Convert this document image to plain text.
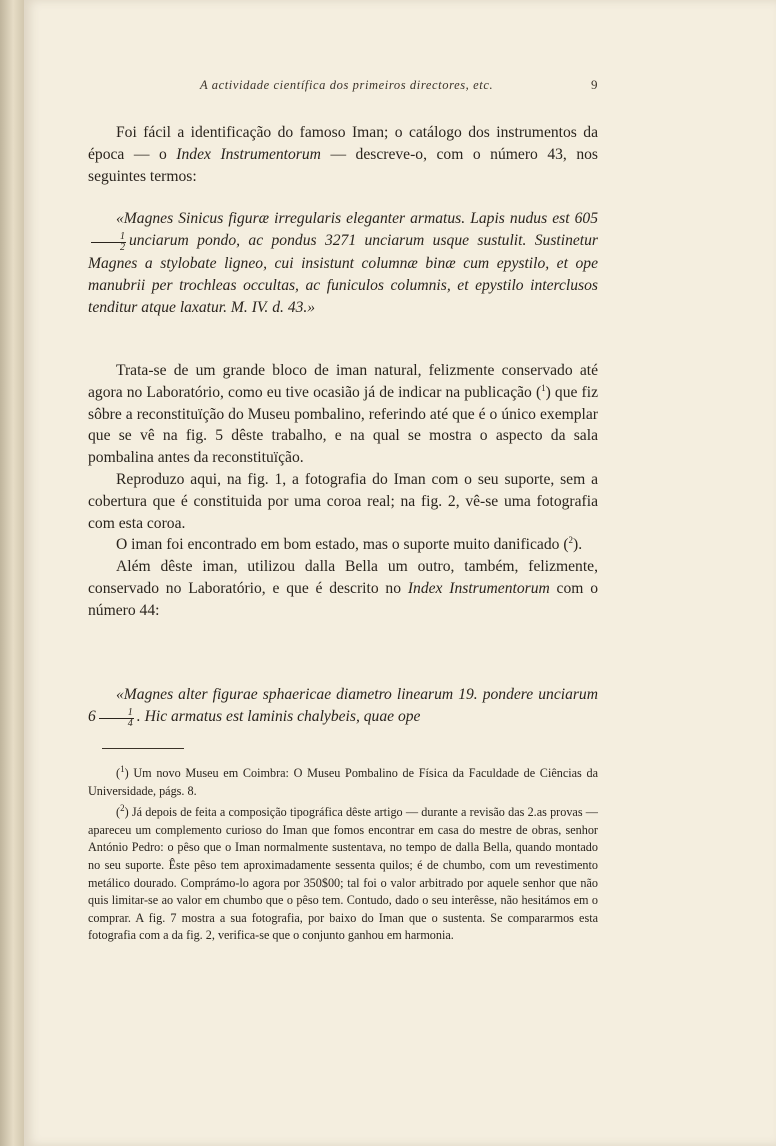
A actividade científica dos primeiros directores, etc.	9

Foi fácil a identificação do famoso Iman; o catálogo dos instrumentos da época — o Index Instrumentorum — descreve-o, com o número 43, nos seguintes termos:

«Magnes Sinicus figuræ irregularis eleganter armatus. Lapis nudus est 605
$\frac{1}{2}$ unciarum pondo, ac pondus 3271 unciarum usque sustulit. Sustinetur Magnes a stylobate ligneo, cui insistunt columnæ binæ cum epystilo, et ope manubrii per trochleas occultas, ac funiculos columnis, et epystilo interclusos tenditur atque laxatur. M. IV. d. 43.»

Trata-se de um grande bloco de iman natural, felizmente conservado até agora no Laboratório, como eu tive ocasião já de indicar na publicação ($^1$) que fiz sôbre a reconstituïção do Museu pombalino, referindo até que é o único exemplar que se vê na fig. 5 dêste trabalho, e na qual se mostra o aspecto da sala pombalina antes da reconstituïção.

Reproduzo aqui, na fig. 1, a fotografia do Iman com o seu suporte, sem a cobertura que é constituida por uma coroa real; na fig. 2, vê-se uma fotografia com esta coroa.

O iman foi encontrado em bom estado, mas o suporte muito danificado ($^2$).

Além dêste iman, utilizou dalla Bella um outro, também, felizmente, conservado no Laboratório, e que é descrito no Index Instrumentorum com o número 44:

«Magnes alter figurae sphaericae diametro linearum 19. pondere unciarum $6 \frac{1}{4}$ . Hic armatus est laminis chalybeis, quae ope

($^1$) Um novo Museu em Coimbra: O Museu Pombalino de Física da Faculdade de Ciências da Universidade, págs. 8.

($^2$) Já depois de feita a composição tipográfica dêste artigo — durante a revisão das 2.as provas — apareceu um complemento curioso do Iman que fomos encontrar em casa do mestre de obras, senhor António Pedro: o pêso que o Iman normalmente sustentava, no tempo de dalla Bella, quando montado no seu suporte. Êste pêso tem aproximadamente sessenta quilos; é de chumbo, com um revestimento metálico dourado. Comprámo-lo agora por 350$00; tal foi o valor arbitrado por aquele senhor que não quis limitar-se ao valor em chumbo que o pêso tem. Contudo, dado o seu interêsse, não hesitámos em o comprar. A fig. 7 mostra a sua fotografia, por baixo do Iman que o sustenta. Se compararmos esta fotografia com a da fig. 2, verifica-se que o conjunto ganhou em harmonia.
